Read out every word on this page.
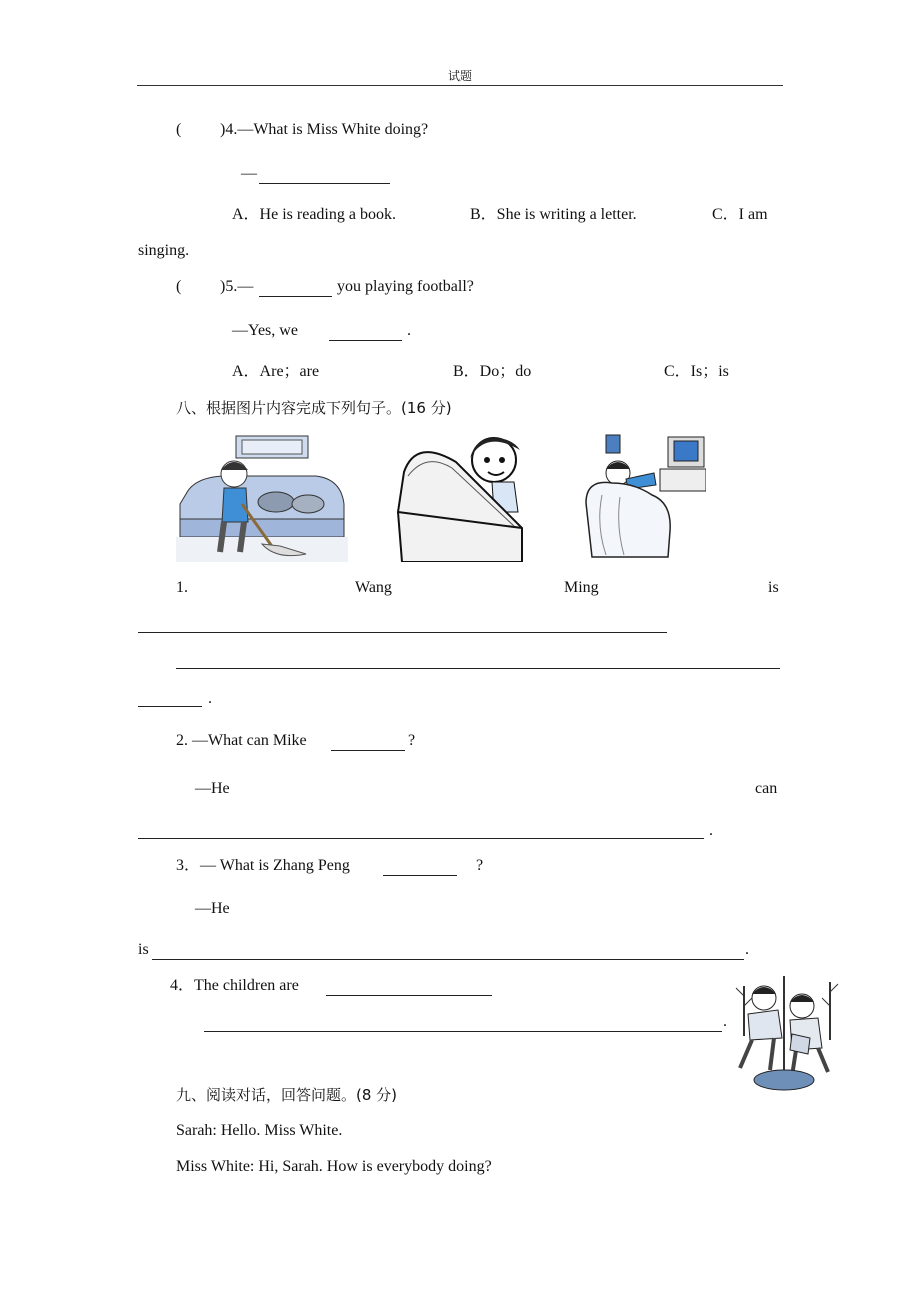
试题
( )4.—What is Miss White doing?
—
A．He is reading a book.	B．She is writing a letter.	C．I am
singing.
( )5.—	you playing football?
—Yes, we	.
A．Are；are	B．Do；do	C．Is；is
八、根据图片内容完成下列句子。(16 分)
1.	Wang	Ming	is
.
2. —What can Mike	?
—He	can
.
3．— What is Zhang Peng	?
—He
is	.
4．The children are
.
九、阅读对话，回答问题。(8 分)
Sarah: Hello. Miss White.
Miss White: Hi, Sarah. How is everybody doing?
